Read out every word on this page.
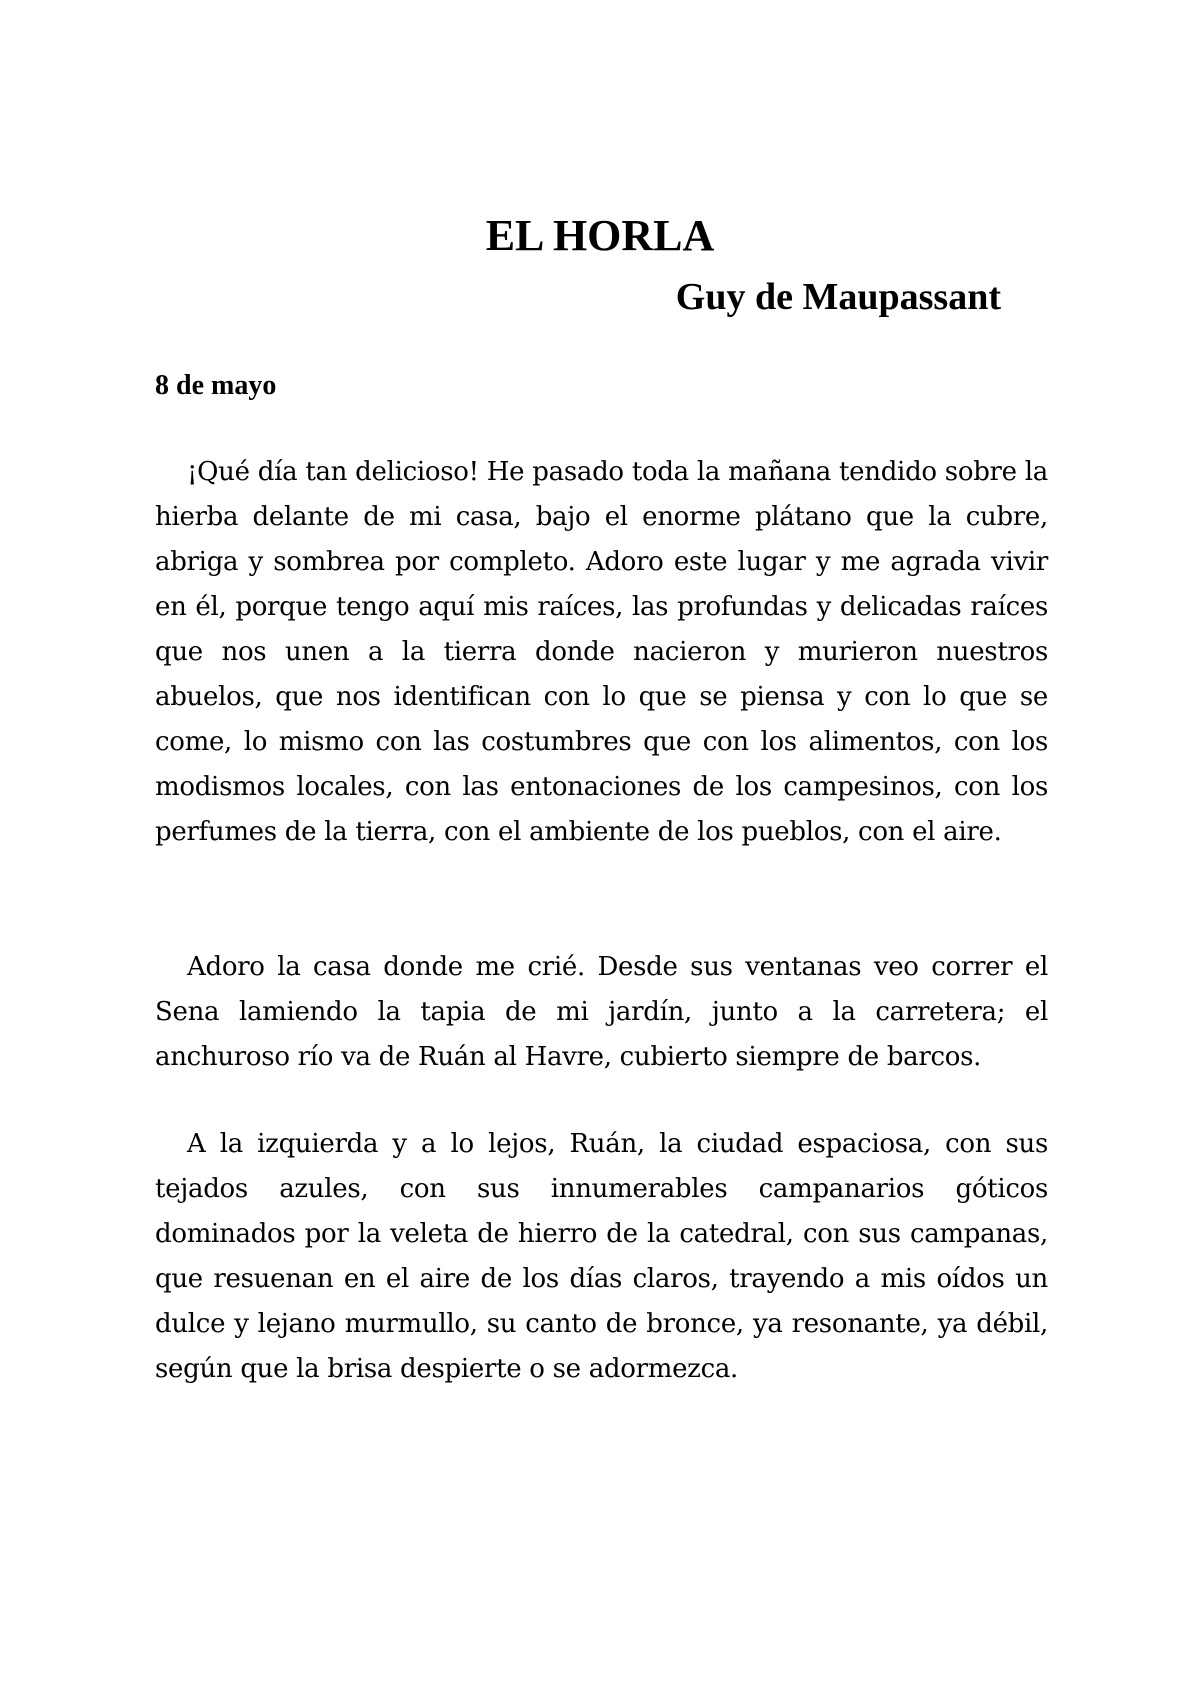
EL HORLA
Guy de Maupassant
8 de mayo

¡Qué día tan delicioso! He pasado toda la mañana tendido sobre la hierba delante de mi casa, bajo el enorme plátano que la cubre, abriga y sombrea por completo. Adoro este lugar y me agrada vivir en él, porque tengo aquí mis raíces, las profundas y delicadas raíces que nos unen a la tierra donde nacieron y murieron nuestros abuelos, que nos identifican con lo que se piensa y con lo que se come, lo mismo con las costumbres que con los alimentos, con los modismos locales, con las entonaciones de los campesinos, con los perfumes de la tierra, con el ambiente de los pueblos, con el aire.

Adoro la casa donde me crié. Desde sus ventanas veo correr el Sena lamiendo la tapia de mi jardín, junto a la carretera; el anchuroso río va de Ruán al Havre, cubierto siempre de barcos.

A la izquierda y a lo lejos, Ruán, la ciudad espaciosa, con sus tejados azules, con sus innumerables campanarios góticos dominados por la veleta de hierro de la catedral, con sus campanas, que resuenan en el aire de los días claros, trayendo a mis oídos un dulce y lejano murmullo, su canto de bronce, ya resonante, ya débil, según que la brisa despierte o se adormezca.
